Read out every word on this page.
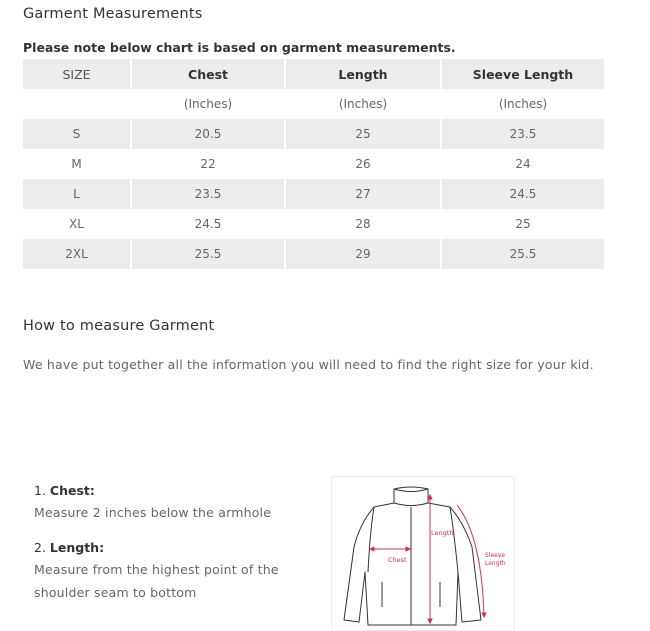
Garment Measurements
Please note below chart is based on garment measurements.
SIZE	Chest	Length	Sleeve Length
	(Inches)	(Inches)	(Inches)
S	20.5	25	23.5
M	22	26	24
L	23.5	27	24.5
XL	24.5	28	25
2XL	25.5	29	25.5
How to measure Garment
We have put together all the information you will need to find the right size for your kid.
1. Chest:
Measure 2 inches below the armhole
2. Length:
Measure from the highest point of the shoulder seam to bottom
Chest
Length
Sleeve
Length
